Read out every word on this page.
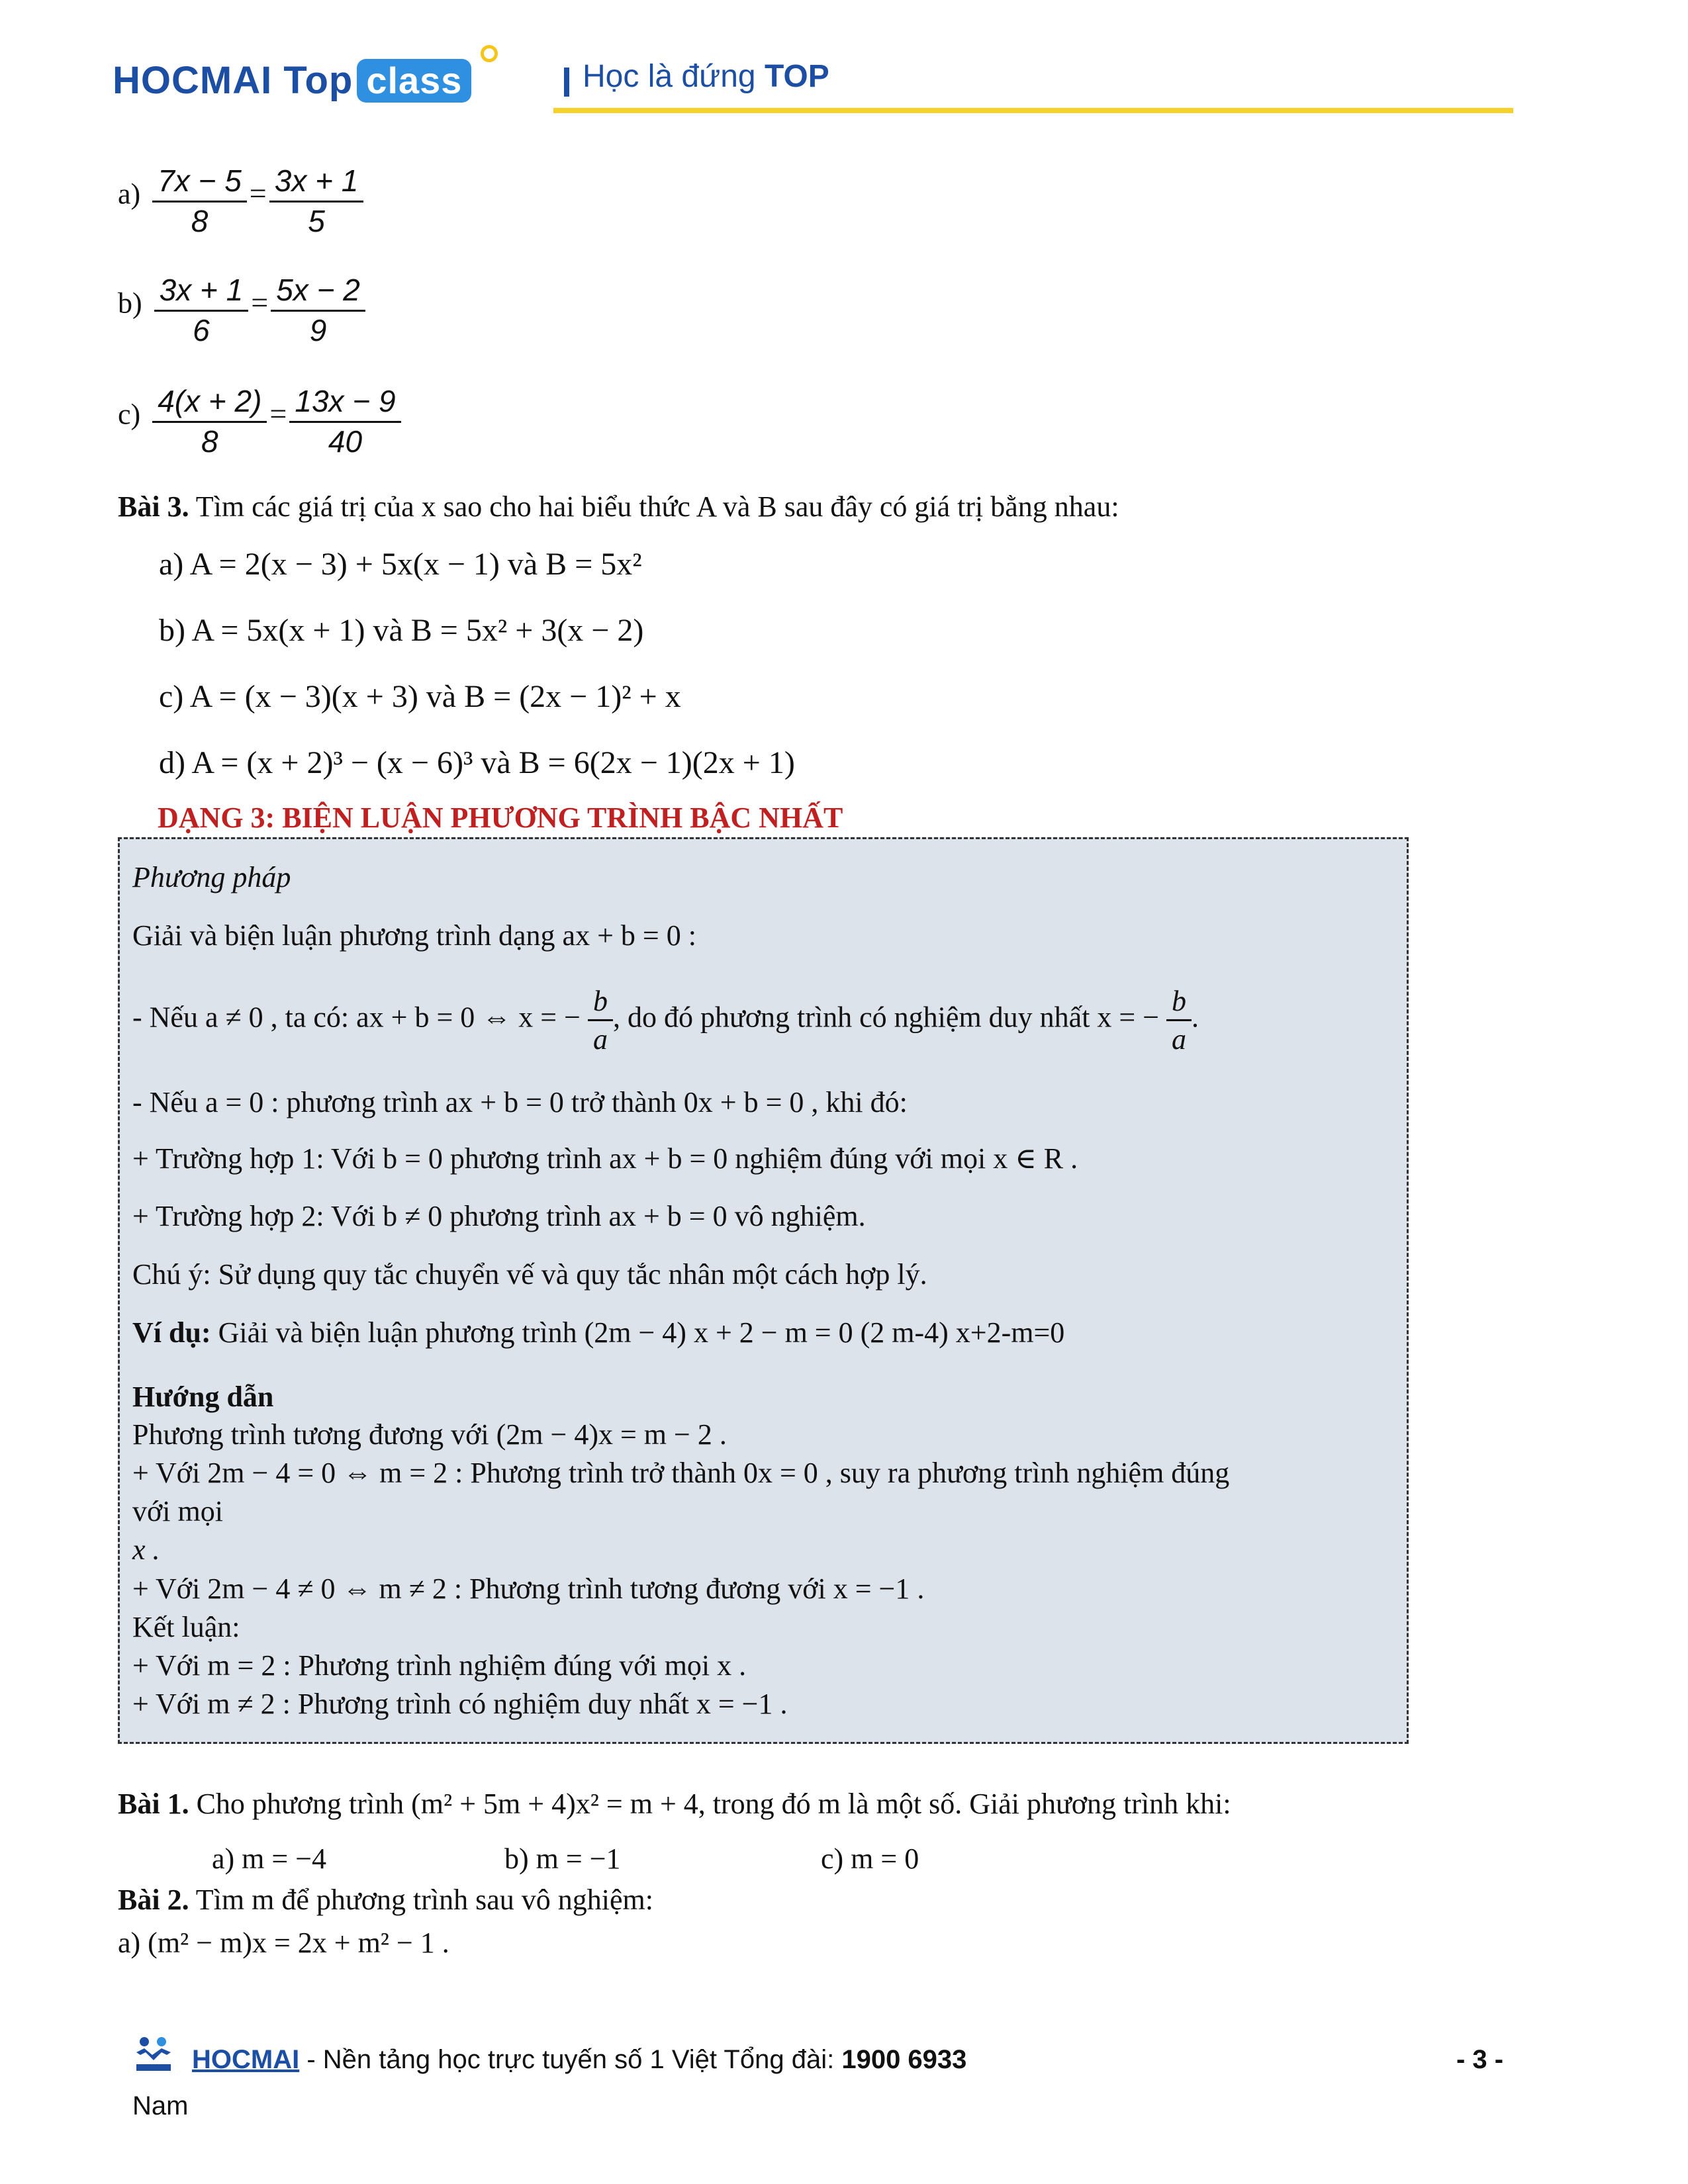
HOCMAI Top class	Học là đứng TOP
$a) \frac{7x - 5}{8} = \frac{3x + 1}{5}$
$b) \frac{3x + 1}{6} = \frac{5x - 2}{9}$
$c) \frac{4(x + 2)}{8} = \frac{13x - 9}{40}$
Bài 3. Tìm các giá trị của x sao cho hai biểu thức A và B sau đây có giá trị bằng nhau:
a) A = 2(x − 3) + 5x(x − 1) và B = 5x²
b) A = 5x(x + 1) và B = 5x² + 3(x − 2)
c) A = (x − 3)(x + 3) và B = (2x − 1)² + x
d) A = (x + 2)³ − (x − 6)³ và B = 6(2x − 1)(2x + 1)
DẠNG 3: BIỆN LUẬN PHƯƠNG TRÌNH BẬC NHẤT
Phương pháp
Giải và biện luận phương trình dạng ax + b = 0 :
- Nếu a ≠ 0 , ta có: ax + b = 0 ⇔ x = − $\frac{b}{a}$ , do đó phương trình có nghiệm duy nhất x = − $\frac{b}{a}$ .
- Nếu a = 0 : phương trình ax + b = 0 trở thành 0x + b = 0 , khi đó:
+ Trường hợp 1: Với b = 0 phương trình ax + b = 0 nghiệm đúng với mọi x ∈ R .
+ Trường hợp 2: Với b ≠ 0 phương trình ax + b = 0 vô nghiệm.
Chú ý: Sử dụng quy tắc chuyển vế và quy tắc nhân một cách hợp lý.
Ví dụ: Giải và biện luận phương trình (2m − 4) x + 2 − m = 0 (2 m-4) x+2-m=0
Hướng dẫn
Phương trình tương đương với (2m − 4)x = m − 2 .
+ Với 2m − 4 = 0 ⇔ m = 2 : Phương trình trở thành 0x = 0 , suy ra phương trình nghiệm đúng
với mọi
x .
+ Với 2m − 4 ≠ 0 ⇔ m ≠ 2 : Phương trình tương đương với x = −1 .
Kết luận:
+ Với m = 2 : Phương trình nghiệm đúng với mọi x .
+ Với m ≠ 2 : Phương trình có nghiệm duy nhất x = −1 .
Bài 1. Cho phương trình (m² + 5m + 4)x² = m + 4, trong đó m là một số. Giải phương trình khi:
a) m = −4	b) m = −1	c) m = 0
Bài 2. Tìm m để phương trình sau vô nghiệm:
a) (m² − m)x = 2x + m² − 1 .
HOCMAI - Nền tảng học trực tuyến số 1 Việt Tổng đài: 1900 6933
Nam
- 3 -
